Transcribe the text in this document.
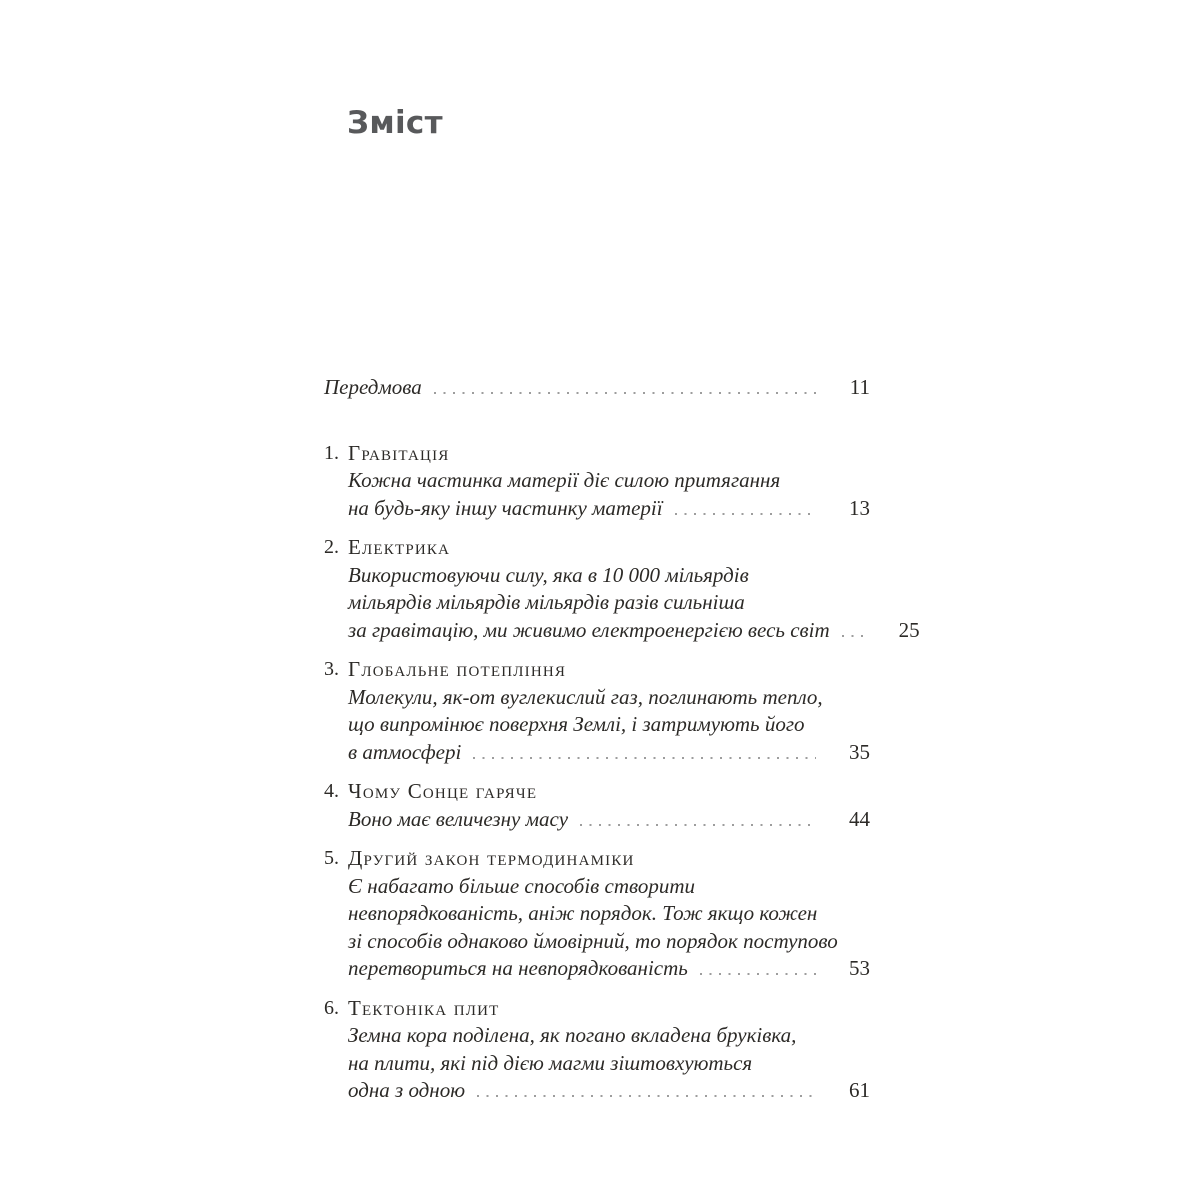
Зміст
Передмова	11
1. Гравітація
Кожна частинка матерії діє силою притягання
на будь-яку іншу частинку матерії	13
2. Електрика
Використовуючи силу, яка в 10 000 мільярдів
мільярдів мільярдів мільярдів разів сильніша
за гравітацію, ми живимо електроенергією весь світ	25
3. Глобальне потепління
Молекули, як-от вуглекислий газ, поглинають тепло,
що випромінює поверхня Землі, і затримують його
в атмосфері	35
4. Чому Сонце гаряче
Воно має величезну масу	44
5. Другий закон термодинаміки
Є набагато більше способів створити
невпорядкованість, аніж порядок. Тож якщо кожен
зі способів однаково ймовірний, то порядок поступово
перетвориться на невпорядкованість	53
6. Тектоніка плит
Земна кора поділена, як погано вкладена бруківка,
на плити, які під дією магми зіштовхуються
одна з одною	61
